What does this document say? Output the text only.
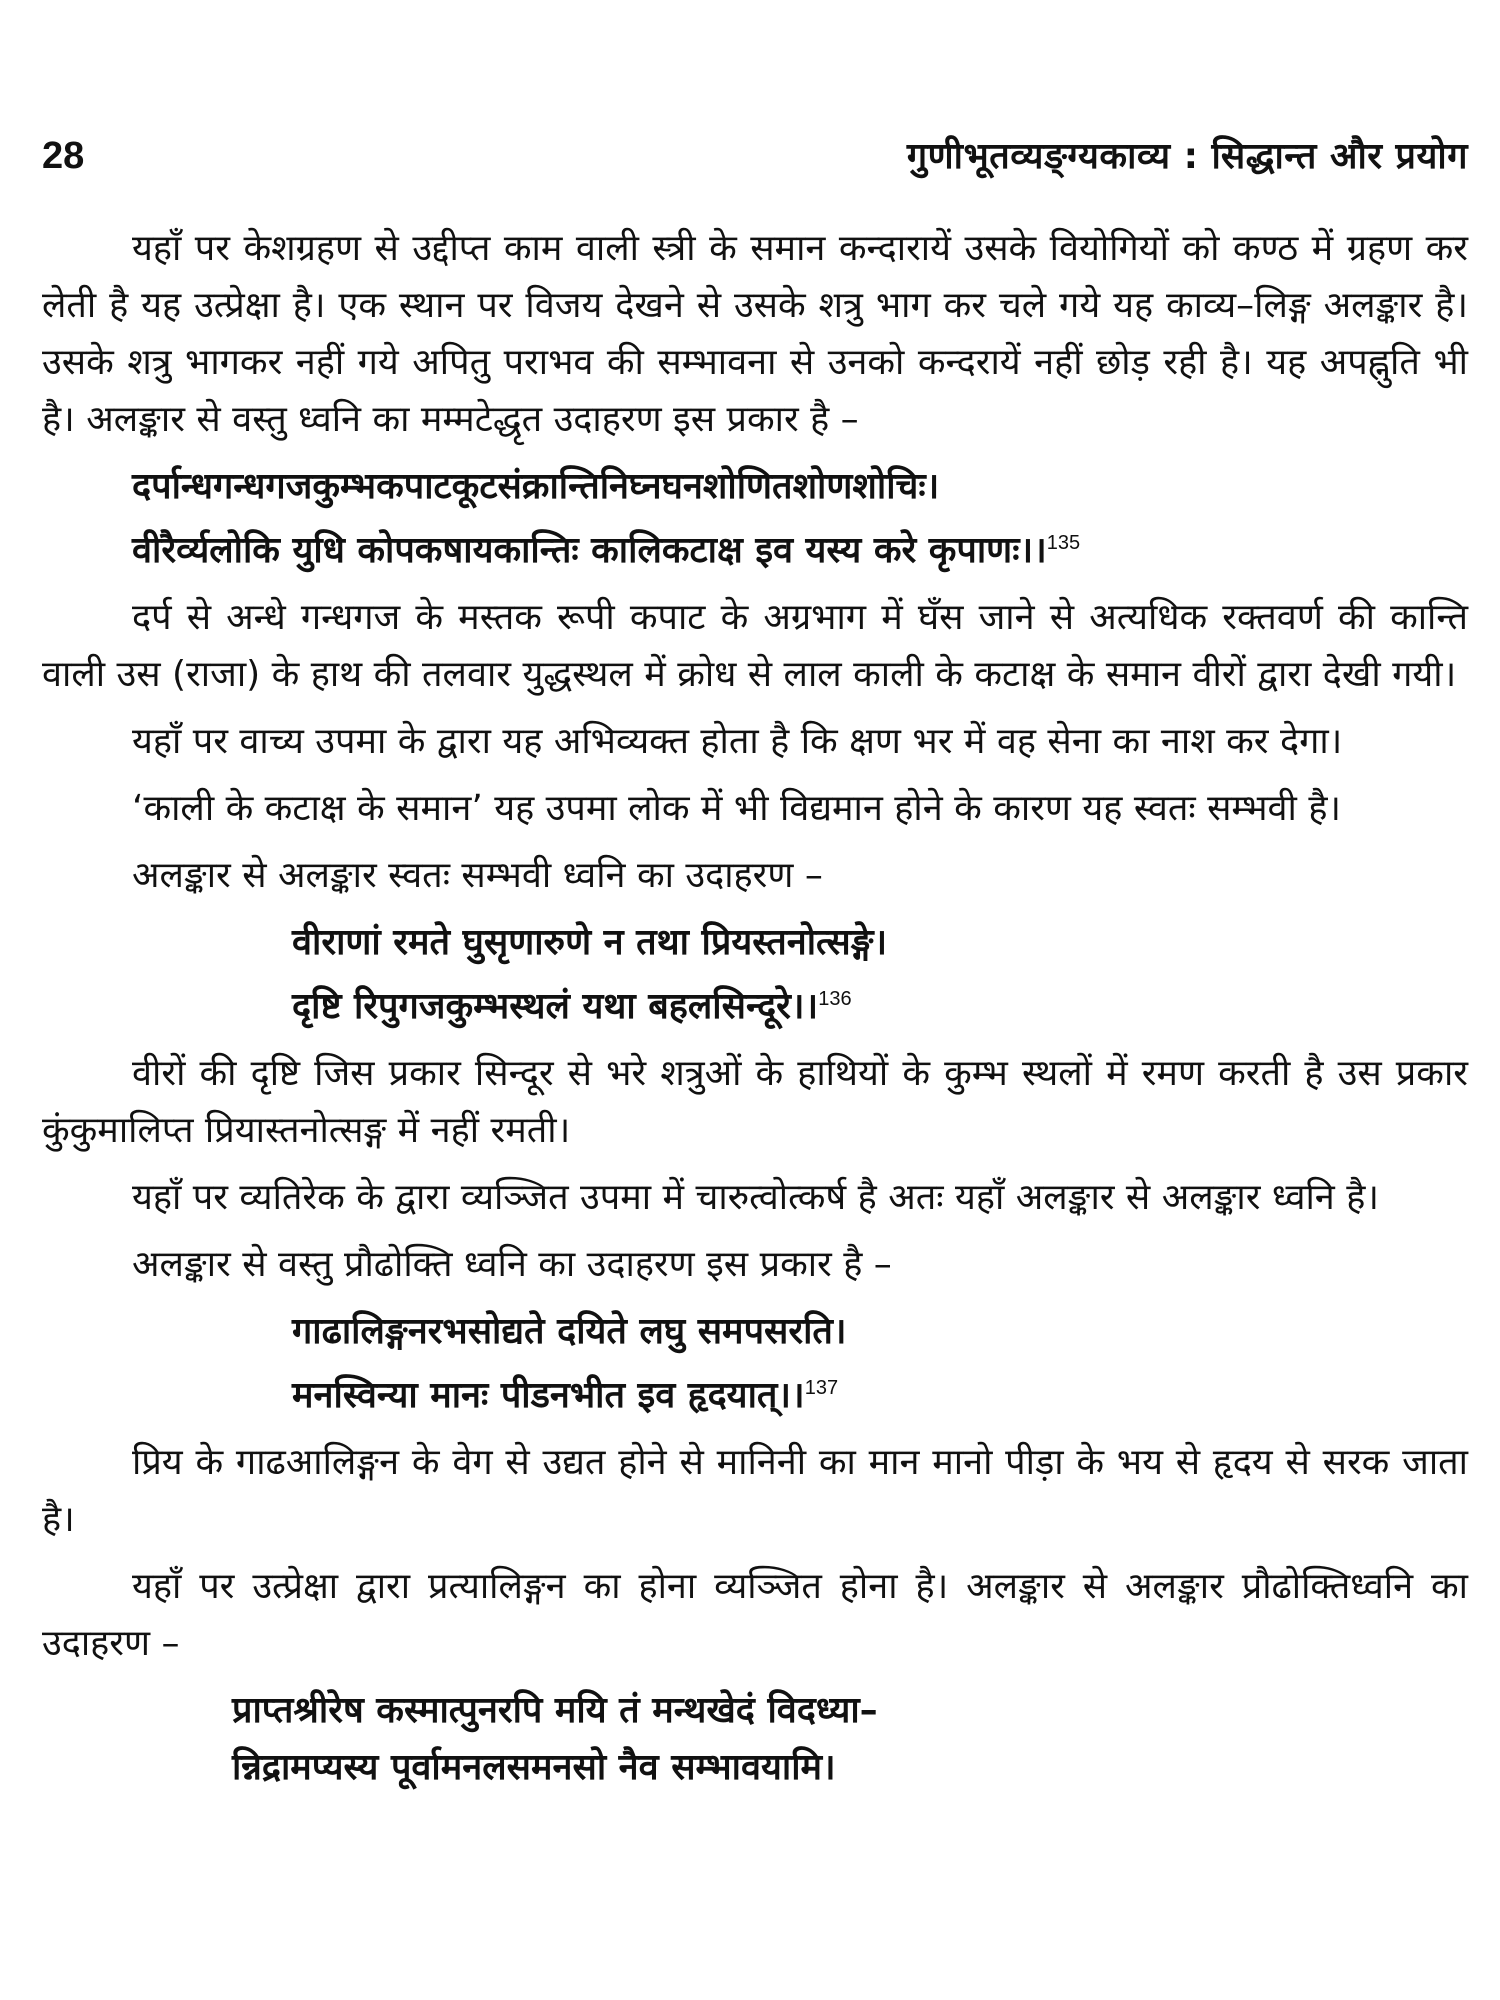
28	गुणीभूतव्यङ्ग्यकाव्य : सिद्धान्त और प्रयोग

यहाँ पर केशग्रहण से उद्दीप्त काम वाली स्त्री के समान कन्दारायें उसके वियोगियों को कण्ठ में ग्रहण कर लेती है यह उत्प्रेक्षा है। एक स्थान पर विजय देखने से उसके शत्रु भाग कर चले गये यह काव्य–लिङ्ग अलङ्कार है। उसके शत्रु भागकर नहीं गये अपितु पराभव की सम्भावना से उनको कन्दरायें नहीं छोड़ रही है। यह अपह्नुति भी है। अलङ्कार से वस्तु ध्वनि का मम्मटेद्धृत उदाहरण इस प्रकार है –

दर्पान्धगन्धगजकुम्भकपाटकूटसंक्रान्तिनिघ्नघनशोणितशोणशोचिः।
वीरैर्व्यलोकि युधि कोपकषायकान्तिः कालिकटाक्ष इव यस्य करे कृपाणः।।$^{135}$

दर्प से अन्धे गन्धगज के मस्तक रूपी कपाट के अग्रभाग में घँस जाने से अत्यधिक रक्तवर्ण की कान्ति वाली उस (राजा) के हाथ की तलवार युद्धस्थल में क्रोध से लाल काली के कटाक्ष के समान वीरों द्वारा देखी गयी।

यहाँ पर वाच्य उपमा के द्वारा यह अभिव्यक्त होता है कि क्षण भर में वह सेना का नाश कर देगा।

‘काली के कटाक्ष के समान’ यह उपमा लोक में भी विद्यमान होने के कारण यह स्वतः सम्भवी है।

अलङ्कार से अलङ्कार स्वतः सम्भवी ध्वनि का उदाहरण –

वीराणां रमते घुसृणारुणे न तथा प्रियस्तनोत्सङ्गे।
दृष्टि रिपुगजकुम्भस्थलं यथा बहलसिन्दूरे।।$^{136}$

वीरों की दृष्टि जिस प्रकार सिन्दूर से भरे शत्रुओं के हाथियों के कुम्भ स्थलों में रमण करती है उस प्रकार कुंकुमालिप्त प्रियास्तनोत्सङ्ग में नहीं रमती।

यहाँ पर व्यतिरेक के द्वारा व्यञ्जित उपमा में चारुत्वोत्कर्ष है अतः यहाँ अलङ्कार से अलङ्कार ध्वनि है।

अलङ्कार से वस्तु प्रौढोक्ति ध्वनि का उदाहरण इस प्रकार है –

गाढालिङ्गनरभसोद्यते दयिते लघु समपसरति।
मनस्विन्या मानः पीडनभीत इव हृदयात्।।$^{137}$

प्रिय के गाढआलिङ्गन के वेग से उद्यत होने से मानिनी का मान मानो पीड़ा के भय से हृदय से सरक जाता है।

यहाँ पर उत्प्रेक्षा द्वारा प्रत्यालिङ्गन का होना व्यञ्जित होना है। अलङ्कार से अलङ्कार प्रौढोक्तिध्वनि का उदाहरण –

प्राप्तश्रीरेष कस्मात्पुनरपि मयि तं मन्थखेदं विदध्या–
न्निद्रामप्यस्य पूर्वामनलसमनसो नैव सम्भावयामि।
